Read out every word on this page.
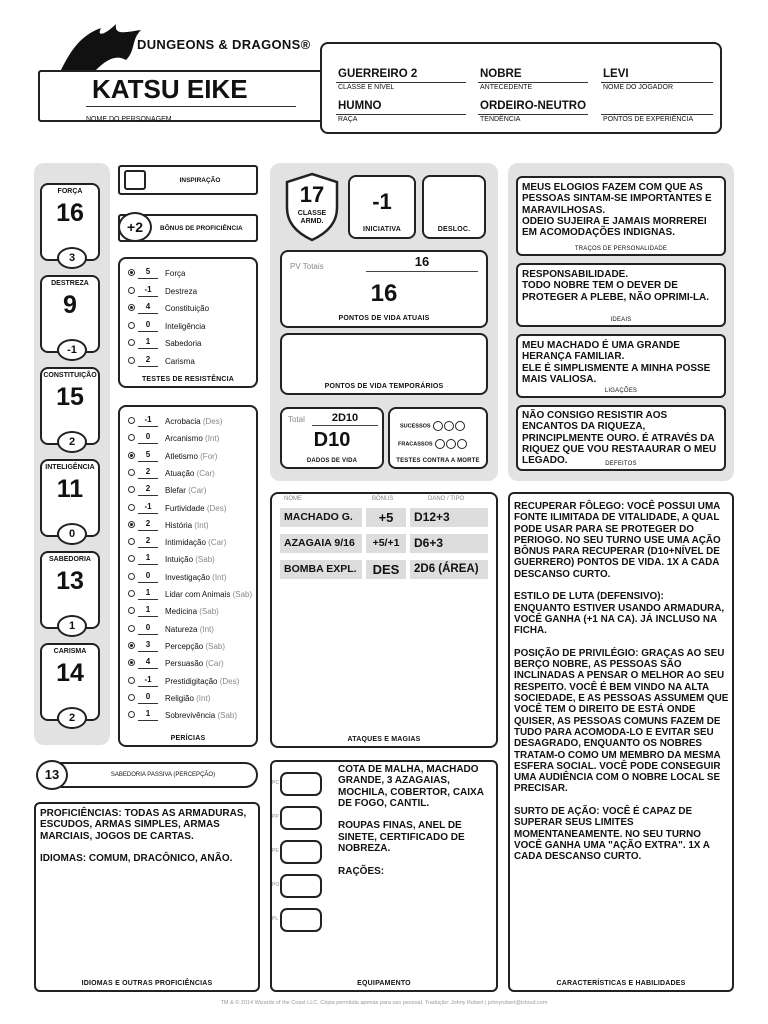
DUNGEONS & DRAGONS®
KATSU EIKE
NOME DO PERSONAGEM
GUERREIRO 2
CLASSE E NÍVEL
NOBRE
ANTECEDENTE
LEVI
NOME DO JOGADOR
HUMNO
RAÇA
ORDEIRO-NEUTRO
TENDÊNCIA	PONTOS DE EXPERIÊNCIA
FORÇA
16
3
DESTREZA
9
-1
CONSTITUIÇÃO
15
2
INTELIGÊNCIA
11
0
SABEDORIA
13
1
CARISMA
14
2
INSPIRAÇÃO
+2	BÔNUS DE PROFICIÊNCIA
5	Força
-1	Destreza
4	Constituição
0	Inteligência
1	Sabedoria
2	Carisma
TESTES DE RESISTÊNCIA
-1	Acrobacia (Des)
0	Arcanismo (Int)
5	Atletismo (For)
2	Atuação (Car)
2	Blefar (Car)
-1	Furtividade (Des)
2	História (Int)
2	Intimidação (Car)
1	Intuição (Sab)
0	Investigação (Int)
1	Lidar com Animais (Sab)
1	Medicina (Sab)
0	Natureza (Int)
3	Percepção (Sab)
4	Persuasão (Car)
-1	Prestidigitação (Des)
0	Religião (Int)
1	Sobrevivência (Sab)
PERÍCIAS
17
CLASSE ARMD.
-1
INICIATIVA	DESLOC.
PV Totais	16
16
PONTOS DE VIDA ATUAIS
PONTOS DE VIDA TEMPORÁRIOS
Total	2D10
D10
DADOS DE VIDA
SUCESSOS
FRACASSOS
TESTES CONTRA A MORTE
MEUS ELOGIOS FAZEM COM QUE AS PESSOAS SINTAM-SE IMPORTANTES E MARAVILHOSAS.
ODEIO SUJEIRA E JAMAIS MORREREI EM ACOMODAÇÕES INDIGNAS.
TRAÇOS DE PERSONALIDADE
RESPONSABILIDADE.
TODO NOBRE TEM O DEVER DE PROTEGER A PLEBE, NÃO OPRIMI-LA.
IDEAIS
MEU MACHADO É UMA GRANDE HERANÇA FAMILIAR.
ELE É SIMPLISMENTE A MINHA POSSE MAIS VALIOSA.
LIGAÇÕES
NÃO CONSIGO RESISTIR AOS ENCANTOS DA RIQUEZA, PRINCIPLMENTE OURO. É ATRAVÉS DA RIQUEZ QUE VOU RESTAAURAR O MEU LEGADO.	DEFEITOS
NOME	BÔNUS	DANO / TIPO
MACHADO G.	+5	D12+3
AZAGAIA 9/16	+5/+1	D6+3
BOMBA EXPL.	DES	2D6 (ÁREA)
ATAQUES E MAGIAS
13	SABEDORIA PASSIVA (PERCEPÇÃO)
PROFICIÊNCIAS: TODAS AS ARMADURAS, ESCUDOS, ARMAS SIMPLES, ARMAS MARCIAIS, JOGOS DE CARTAS.

IDIOMAS: COMUM, DRACÔNICO, ANÃO.
IDIOMAS E OUTRAS PROFICIÊNCIAS
PC
PP
PE
PO
PL
COTA DE MALHA, MACHADO GRANDE, 3 AZAGAIAS, MOCHILA, COBERTOR, CAIXA DE FOGO, CANTIL.

ROUPAS FINAS, ANEL DE SINETE, CERTIFICADO DE NOBREZA.

RAÇÕES:
EQUIPAMENTO
RECUPERAR FÔLEGO: VOCÊ POSSUI UMA FONTE ILIMITADA DE VITALIDADE, A QUAL PODE USAR PARA SE PROTEGER DO PERIOGO. NO SEU TURNO USE UMA AÇÃO BÔNUS PARA RECUPERAR (D10+NÍVEL DE GUERRERO) PONTOS DE VIDA. 1X A CADA DESCANSO CURTO.

ESTILO DE LUTA (DEFENSIVO):
ENQUANTO ESTIVER USANDO ARMADURA, VOCÊ GANHA (+1 NA CA). JÁ INCLUSO NA FICHA.

POSIÇÃO DE PRIVILÉGIO: GRAÇAS AO SEU BERÇO NOBRE, AS PESSOAS SÃO INCLINADAS A PENSAR O MELHOR AO SEU RESPEITO. VOCÊ É BEM VINDO NA ALTA SOCIEDADE, E AS PESSOAS ASSUMEM QUE VOCÊ TEM O DIREITO DE ESTÁ ONDE QUISER, AS PESSOAS COMUNS FAZEM DE TUDO PARA ACOMODA-LO E EVITAR SEU DESAGRADO, ENQUANTO OS NOBRES TRATAM-O COMO UM MEMBRO DA MESMA ESFERA SOCIAL. VOCÊ PODE CONSEGUIR UMA AUDIÊNCIA COM O NOBRE LOCAL SE PRECISAR.

SURTO DE AÇÃO: VOCÊ É CAPAZ DE SUPERAR SEUS LIMITES MOMENTANEAMENTE. NO SEU TURNO VOCÊ GANHA UMA "AÇÃO EXTRA". 1X A CADA DESCANSO CURTO.
CARACTERÍSTICAS E HABILIDADES
TM & © 2014 Wizards of the Coast LLC. Cópia permitida apenas para uso pessoal. Tradução: Johny Robert | johnyrobert@icloud.com
